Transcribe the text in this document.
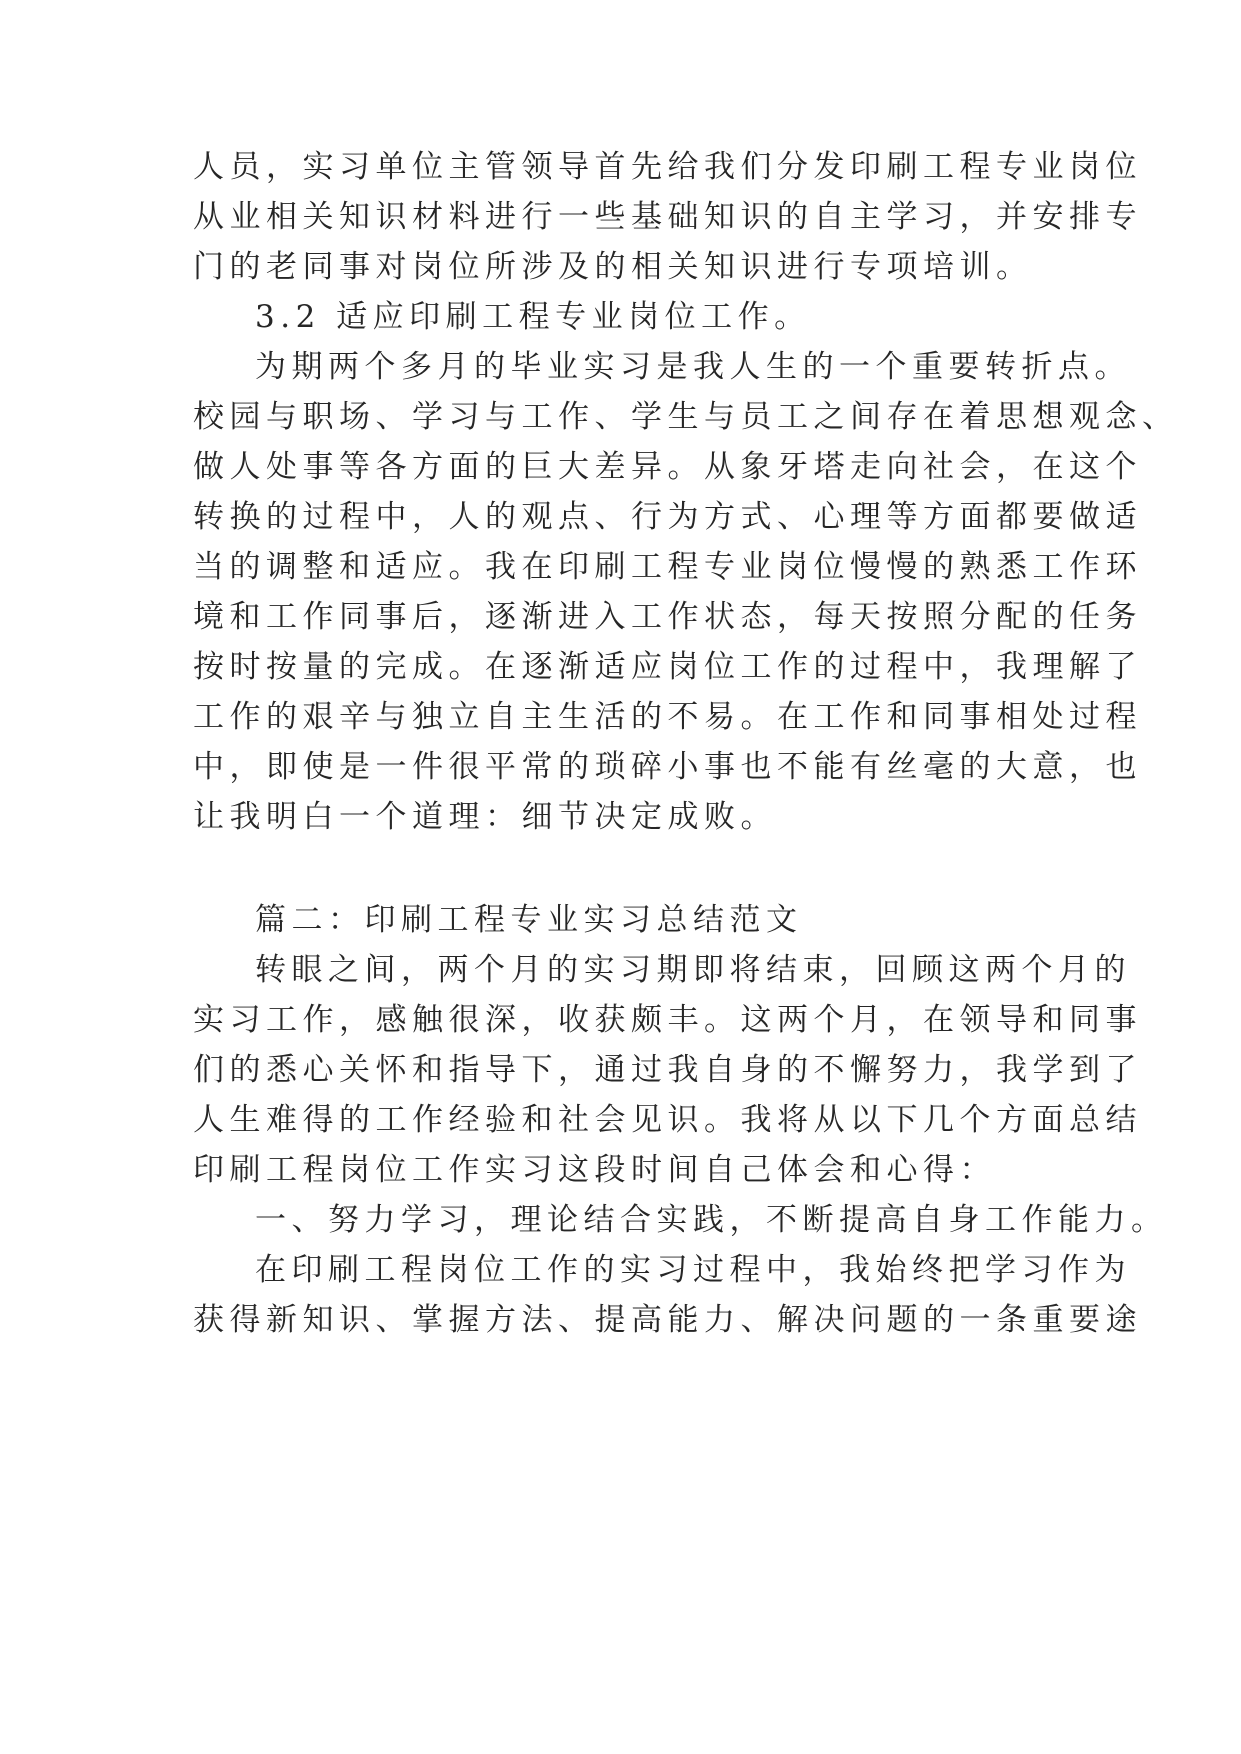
人员，实习单位主管领导首先给我们分发印刷工程专业岗位
从业相关知识材料进行一些基础知识的自主学习，并安排专
门的老同事对岗位所涉及的相关知识进行专项培训。
3.2 适应印刷工程专业岗位工作。
为期两个多月的毕业实习是我人生的一个重要转折点。
校园与职场、学习与工作、学生与员工之间存在着思想观念、
做人处事等各方面的巨大差异。从象牙塔走向社会，在这个
转换的过程中，人的观点、行为方式、心理等方面都要做适
当的调整和适应。我在印刷工程专业岗位慢慢的熟悉工作环
境和工作同事后，逐渐进入工作状态，每天按照分配的任务
按时按量的完成。在逐渐适应岗位工作的过程中，我理解了
工作的艰辛与独立自主生活的不易。在工作和同事相处过程
中，即使是一件很平常的琐碎小事也不能有丝毫的大意，也
让我明白一个道理：细节决定成败。
篇二：印刷工程专业实习总结范文
转眼之间，两个月的实习期即将结束，回顾这两个月的
实习工作，感触很深，收获颇丰。这两个月，在领导和同事
们的悉心关怀和指导下，通过我自身的不懈努力，我学到了
人生难得的工作经验和社会见识。我将从以下几个方面总结
印刷工程岗位工作实习这段时间自己体会和心得：
一、努力学习，理论结合实践，不断提高自身工作能力。
在印刷工程岗位工作的实习过程中，我始终把学习作为
获得新知识、掌握方法、提高能力、解决问题的一条重要途
